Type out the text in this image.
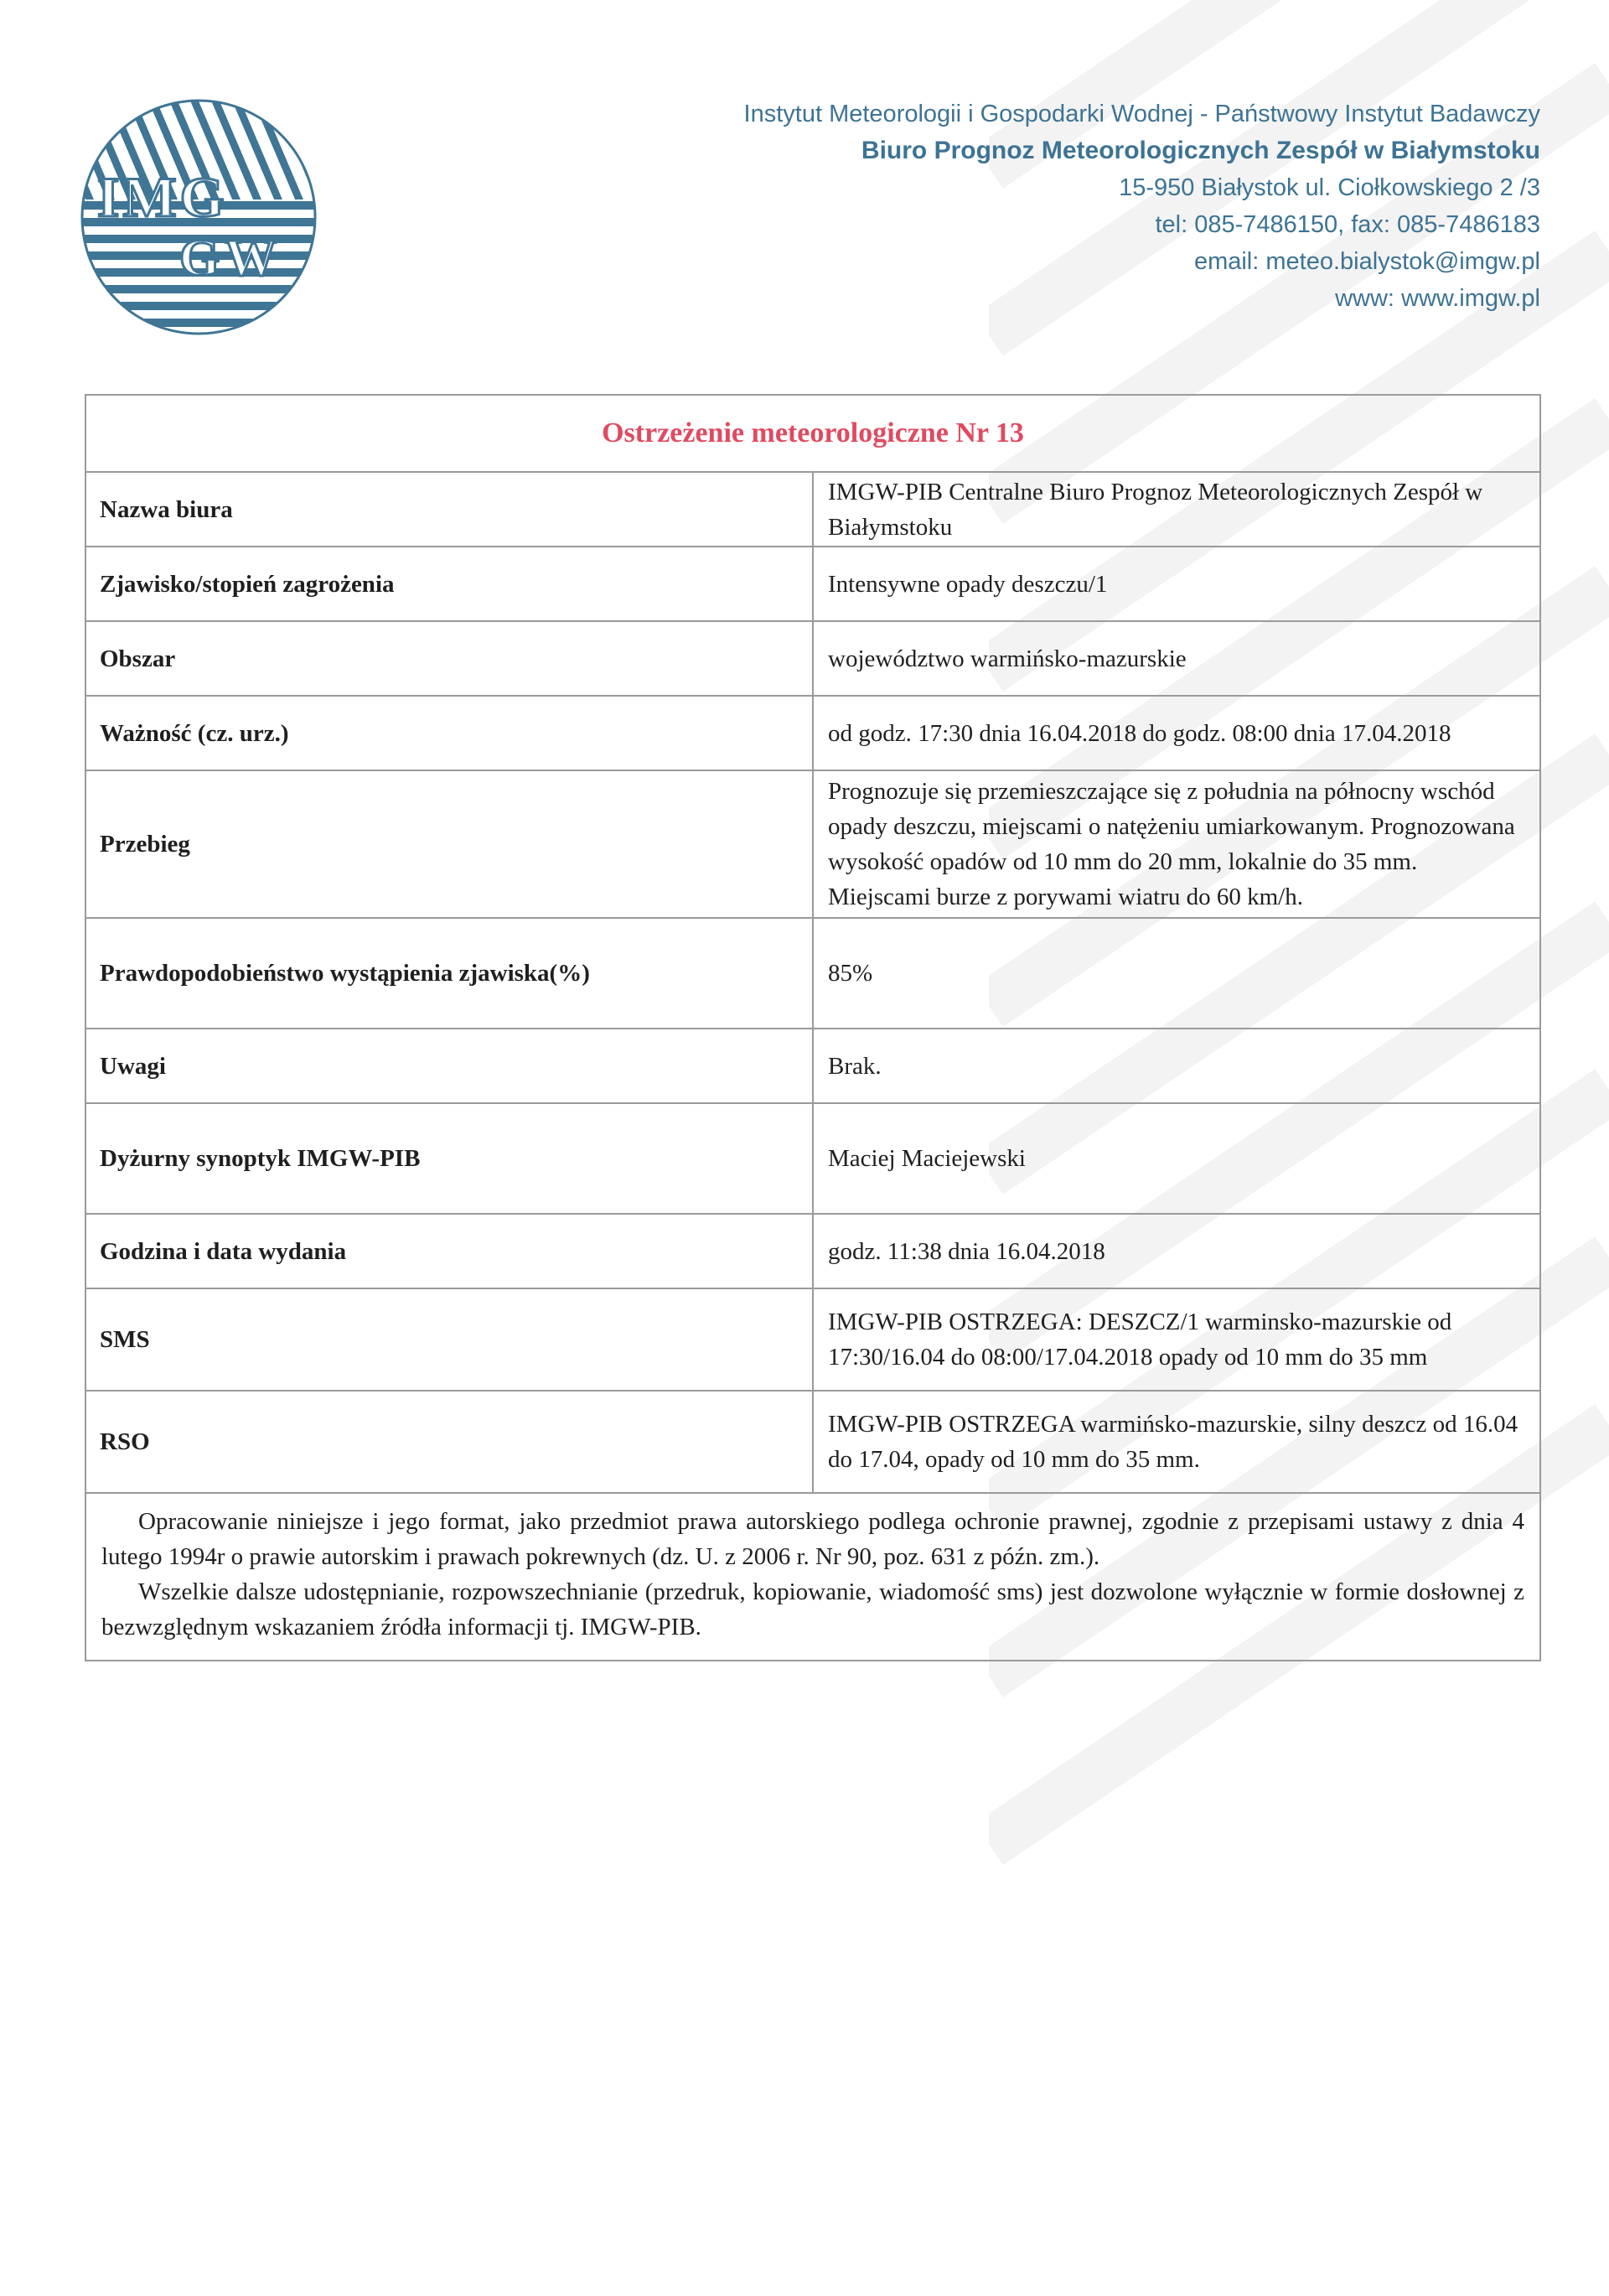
IMG
GW
Instytut Meteorologii i Gospodarki Wodnej - Państwowy Instytut Badawczy
Biuro Prognoz Meteorologicznych Zespół w Białymstoku
15-950 Białystok ul. Ciołkowskiego 2 /3
tel: 085-7486150, fax: 085-7486183
email: meteo.bialystok@imgw.pl
www: www.imgw.pl
Ostrzeżenie meteorologiczne Nr 13	
Nazwa biura	IMGW-PIB Centralne Biuro Prognoz Meteorologicznych Zespół w Białymstoku
Zjawisko/stopień zagrożenia	Intensywne opady deszczu/1
Obszar	województwo warmińsko-mazurskie
Ważność (cz. urz.)	od godz. 17:30 dnia 16.04.2018 do godz. 08:00 dnia 17.04.2018
Przebieg	Prognozuje się przemieszczające się z południa na północny wschód opady deszczu, miejscami o natężeniu umiarkowanym. Prognozowana wysokość opadów od 10 mm do 20 mm, lokalnie do 35 mm. Miejscami burze z porywami wiatru do 60 km/h.
Prawdopodobieństwo wystąpienia zjawiska(%)	85%
Uwagi	Brak.
Dyżurny synoptyk IMGW-PIB	Maciej Maciejewski
Godzina i data wydania	godz. 11:38 dnia 16.04.2018
SMS	IMGW-PIB OSTRZEGA: DESZCZ/1 warminsko-mazurskie od 17:30/16.04 do 08:00/17.04.2018 opady od 10 mm do 35 mm
RSO	IMGW-PIB OSTRZEGA warmińsko-mazurskie, silny deszcz od 16.04 do 17.04, opady od 10 mm do 35 mm.

Opracowanie niniejsze i jego format, jako przedmiot prawa autorskiego podlega ochronie prawnej, zgodnie z przepisami ustawy z dnia 4 lutego 1994r o prawie autorskim i prawach pokrewnych (dz. U. z 2006 r. Nr 90, poz. 631 z późn. zm.).

Wszelkie dalsze udostępnianie, rozpowszechnianie (przedruk, kopiowanie, wiadomość sms) jest dozwolone wyłącznie w formie dosłownej z bezwzględnym wskazaniem źródła informacji tj. IMGW-PIB.	
